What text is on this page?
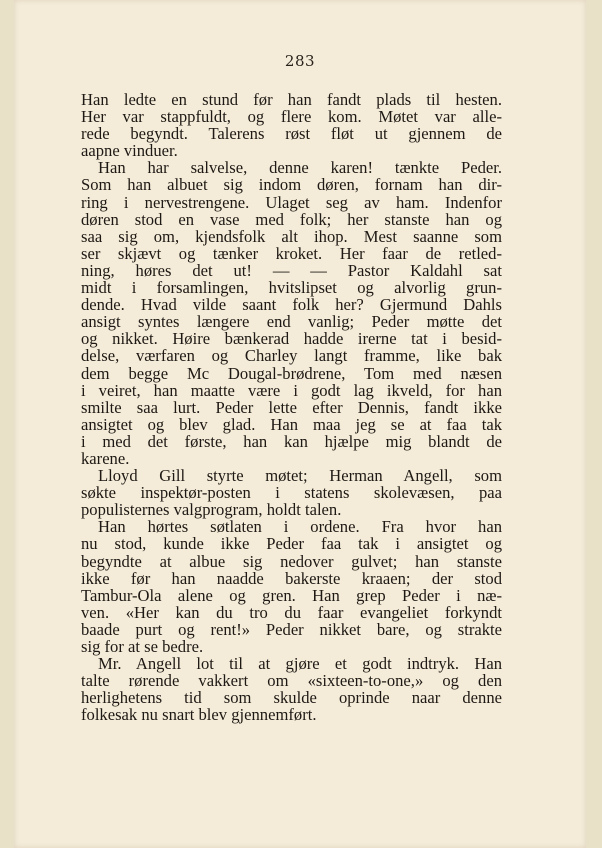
283
Han ledte en stund før han fandt plads til hesten.
Her var stappfuldt, og flere kom. Møtet var alle-
rede begyndt. Talerens røst fløt ut gjennem de
aapne vinduer.
Han har salvelse, denne karen! tænkte Peder.
Som han albuet sig indom døren, fornam han dir-
ring i nervestrengene. Ulaget seg av ham. Indenfor
døren stod en vase med folk; her stanste han og
saa sig om, kjendsfolk alt ihop. Mest saanne som
ser skjævt og tænker kroket. Her faar de retled-
ning, høres det ut! — — Pastor Kaldahl sat
midt i forsamlingen, hvitslipset og alvorlig grun-
dende. Hvad vilde saant folk her? Gjermund Dahls
ansigt syntes længere end vanlig; Peder møtte det
og nikket. Høire bænkerad hadde irerne tat i besid-
delse, værfaren og Charley langt framme, like bak
dem begge Mc Dougal-brødrene, Tom med næsen
i veiret, han maatte være i godt lag ikveld, for han
smilte saa lurt. Peder lette efter Dennis, fandt ikke
ansigtet og blev glad. Han maa jeg se at faa tak
i med det første, han kan hjælpe mig blandt de
karene.
Lloyd Gill styrte møtet; Herman Angell, som
søkte inspektør-posten i statens skolevæsen, paa
populisternes valgprogram, holdt talen.
Han hørtes søtlaten i ordene. Fra hvor han
nu stod, kunde ikke Peder faa tak i ansigtet og
begyndte at albue sig nedover gulvet; han stanste
ikke før han naadde bakerste kraaen; der stod
Tambur-Ola alene og gren. Han grep Peder i næ-
ven. «Her kan du tro du faar evangeliet forkyndt
baade purt og rent!» Peder nikket bare, og strakte
sig for at se bedre.
Mr. Angell lot til at gjøre et godt indtryk. Han
talte rørende vakkert om «sixteen-to-one,» og den
herlighetens tid som skulde oprinde naar denne
folkesak nu snart blev gjennemført.
